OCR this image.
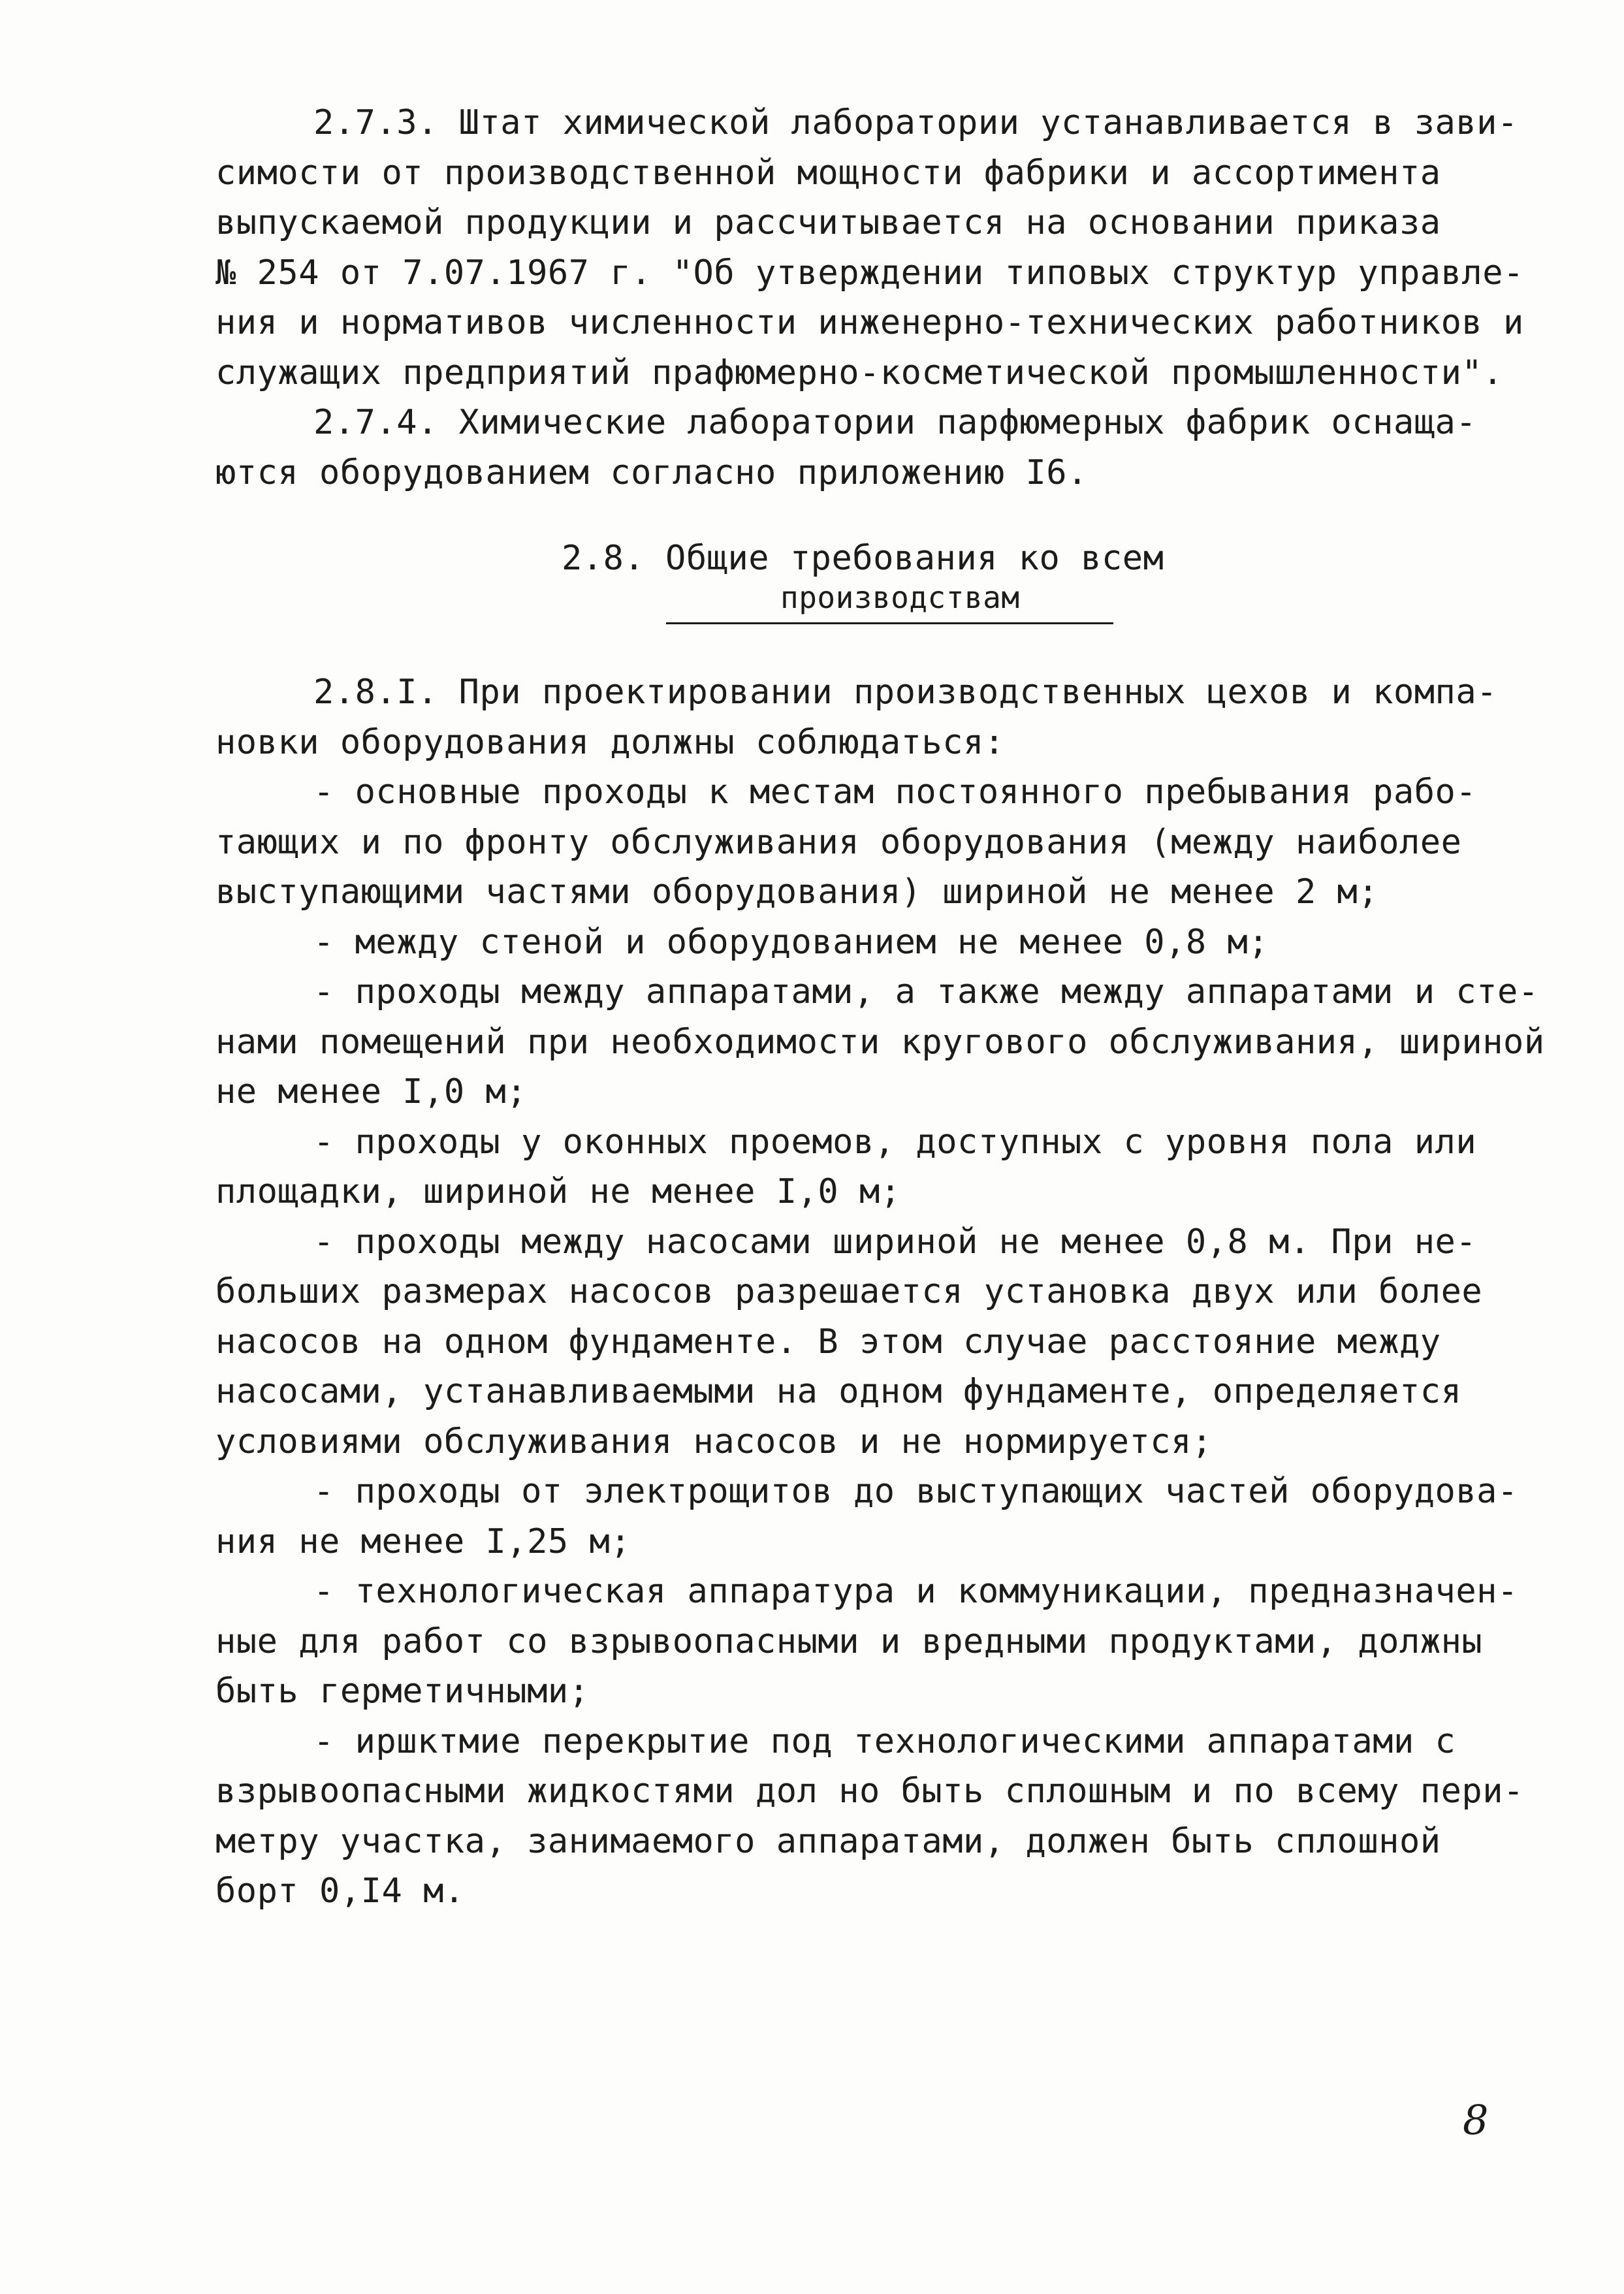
2.7.3. Штат химической лаборатории устанавливается в зави-
симости от производственной мощности фабрики и ассортимента
выпускаемой продукции и рассчитывается на основании приказа
№ 254 от 7.07.1967 г. "Об утверждении типовых структур управле-
ния и нормативов численности инженерно-технических работников и
служащих предприятий прафюмерно-косметической промышленности".
2.7.4. Химические лаборатории парфюмерных фабрик оснаща-
ются оборудованием согласно приложению I6.
2.8. Общие требования ко всем
производствам
2.8.I. При проектировании производственных цехов и компа-
новки оборудования должны соблюдаться:
- основные проходы к местам постоянного пребывания рабо-
тающих и по фронту обслуживания оборудования (между наиболее
выступающими частями оборудования) шириной не менее 2 м;
- между стеной и оборудованием не менее 0,8 м;
- проходы между аппаратами, а также между аппаратами и сте-
нами помещений при необходимости кругового обслуживания, шириной
не менее I,0 м;
- проходы у оконных проемов, доступных с уровня пола или
площадки, шириной не менее I,0 м;
- проходы между насосами шириной не менее 0,8 м. При не-
больших размерах насосов разрешается установка двух или более
насосов на одном фундаменте. В этом случае расстояние между
насосами, устанавливаемыми на одном фундаменте, определяется
условиями обслуживания насосов и не нормируется;
- проходы от электрощитов до выступающих частей оборудова-
ния не менее I,25 м;
- технологическая аппаратура и коммуникации, предназначен-
ные для работ со взрывоопасными и вредными продуктами, должны
быть герметичными;
- иршктмие перекрытие под технологическими аппаратами с
взрывоопасными жидкостями дол но быть сплошным и по всему пери-
метру участка, занимаемого аппаратами, должен быть сплошной
борт 0,I4 м.
8
